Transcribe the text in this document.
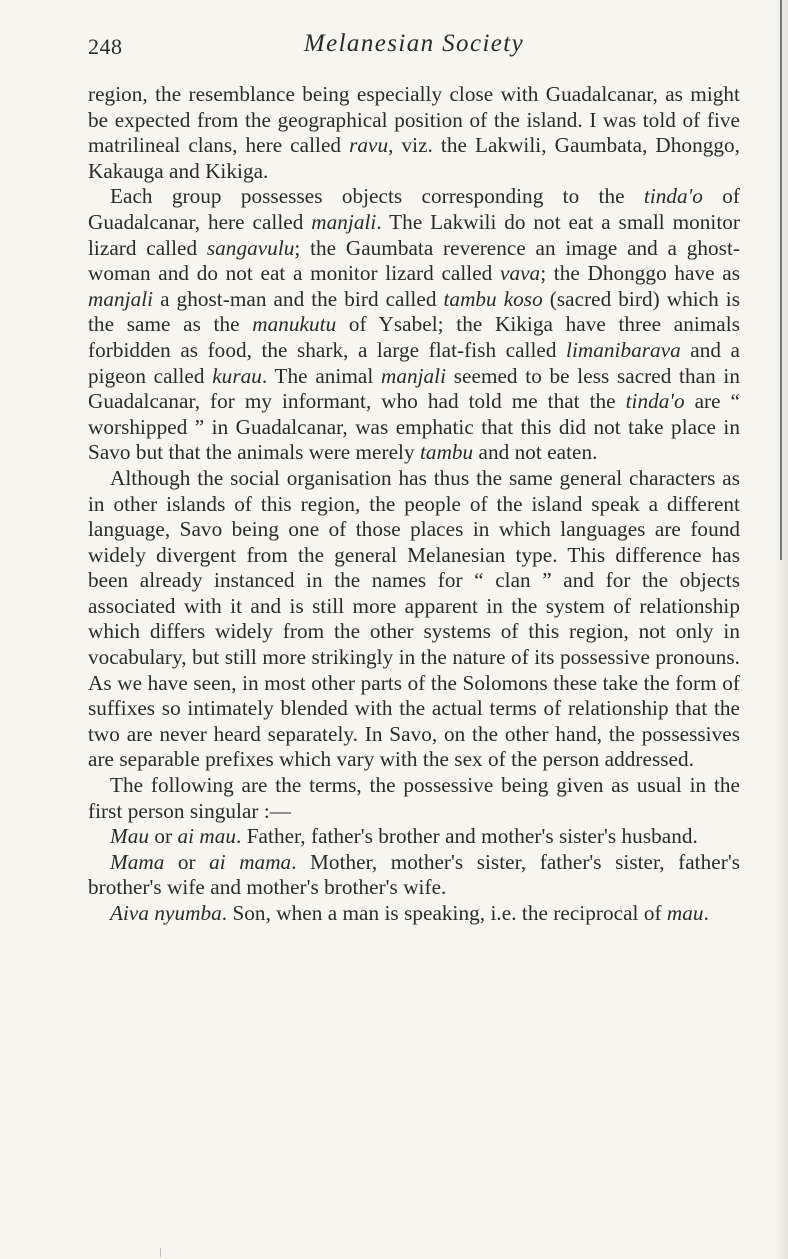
248	Melanesian Society

region, the resemblance being especially close with Guadalcanar, as might be expected from the geographical position of the island. I was told of five matrilineal clans, here called ravu, viz. the Lakwili, Gaumbata, Dhonggo, Kakauga and Kikiga.

Each group possesses objects corresponding to the tinda'o of Guadalcanar, here called manjali. The Lakwili do not eat a small monitor lizard called sangavulu; the Gaumbata reverence an image and a ghost-woman and do not eat a monitor lizard called vava; the Dhonggo have as manjali a ghost-man and the bird called tambu koso (sacred bird) which is the same as the manukutu of Ysabel; the Kikiga have three animals forbidden as food, the shark, a large flat-fish called limanibarava and a pigeon called kurau. The animal manjali seemed to be less sacred than in Guadalcanar, for my informant, who had told me that the tinda'o are “ worshipped ” in Guadalcanar, was emphatic that this did not take place in Savo but that the animals were merely tambu and not eaten.

Although the social organisation has thus the same general characters as in other islands of this region, the people of the island speak a different language, Savo being one of those places in which languages are found widely divergent from the general Melanesian type. This difference has been already instanced in the names for “ clan ” and for the objects associated with it and is still more apparent in the system of relationship which differs widely from the other systems of this region, not only in vocabulary, but still more strikingly in the nature of its possessive pronouns. As we have seen, in most other parts of the Solomons these take the form of suffixes so intimately blended with the actual terms of relationship that the two are never heard separately. In Savo, on the other hand, the possessives are separable prefixes which vary with the sex of the person addressed.

The following are the terms, the possessive being given as usual in the first person singular :—

Mau or ai mau. Father, father's brother and mother's sister's husband.

Mama or ai mama. Mother, mother's sister, father's sister, father's brother's wife and mother's brother's wife.

Aiva nyumba. Son, when a man is speaking, i.e. the reciprocal of mau.
